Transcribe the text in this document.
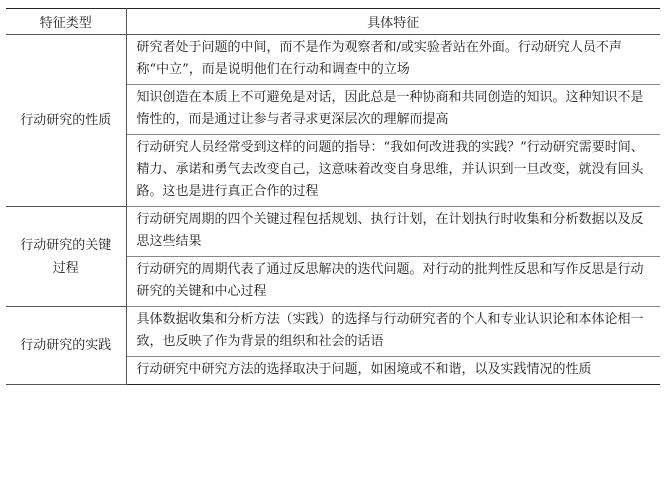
特征类型	具体特征
行动研究的性质	研究者处于问题的中间，而不是作为观察者和/或实验者站在外面。行动研究人员不声称“中立”，而是说明他们在行动和调查中的立场
	知识创造在本质上不可避免是对话，因此总是一种协商和共同创造的知识。这种知识不是惰性的，而是通过让参与者寻求更深层次的理解而提高
	行动研究人员经常受到这样的问题的指导：“我如何改进我的实践？”行动研究需要时间、精力、承诺和勇气去改变自己，这意味着改变自身思维，并认识到一旦改变，就没有回头路。这也是进行真正合作的过程
行动研究的关键过程	行动研究周期的四个关键过程包括规划、执行计划，在计划执行时收集和分析数据以及反思这些结果
	行动研究的周期代表了通过反思解决的迭代问题。对行动的批判性反思和写作反思是行动研究的关键和中心过程
行动研究的实践	具体数据收集和分析方法（实践）的选择与行动研究者的个人和专业认识论和本体论相一致，也反映了作为背景的组织和社会的话语
	行动研究中研究方法的选择取决于问题，如困境或不和谐，以及实践情况的性质
